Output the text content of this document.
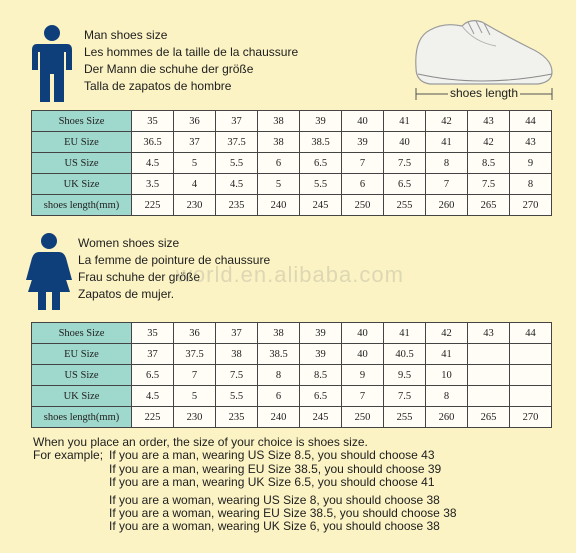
Man shoes size
Les hommes de la taille de la chaussure
Der Mann die schuhe der größe
Talla de zapatos de hombre	shoes length
Shoes Size	35	36	37	38	39	40	41	42	43	44
EU Size	36.5	37	37.5	38	38.5	39	40	41	42	43
US Size	4.5	5	5.5	6	6.5	7	7.5	8	8.5	9
UK Size	3.5	4	4.5	5	5.5	6	6.5	7	7.5	8
shoes length(mm)	225	230	235	240	245	250	255	260	265	270
Women shoes size
La femme de pointure de chaussure
Frau schuhe der größe
Zapatos de mujer.
world.en.alibaba.com
Shoes Size	35	36	37	38	39	40	41	42	43	44
EU Size	37	37.5	38	38.5	39	40	40.5	41		
US Size	6.5	7	7.5	8	8.5	9	9.5	10		
UK Size	4.5	5	5.5	6	6.5	7	7.5	8		
shoes length(mm)	225	230	235	240	245	250	255	260	265	270
When you place an order, the size of your choice is shoes size.
For example; If you are a man, wearing US Size 8.5, you should choose 43
If you are a man, wearing EU Size 38.5, you should choose 39
If you are a man, wearing UK Size 6.5, you should choose 41
If you are a woman, wearing US Size 8, you should choose 38
If you are a woman, wearing EU Size 38.5, you should choose 38
If you are a woman, wearing UK Size 6, you should choose 38
